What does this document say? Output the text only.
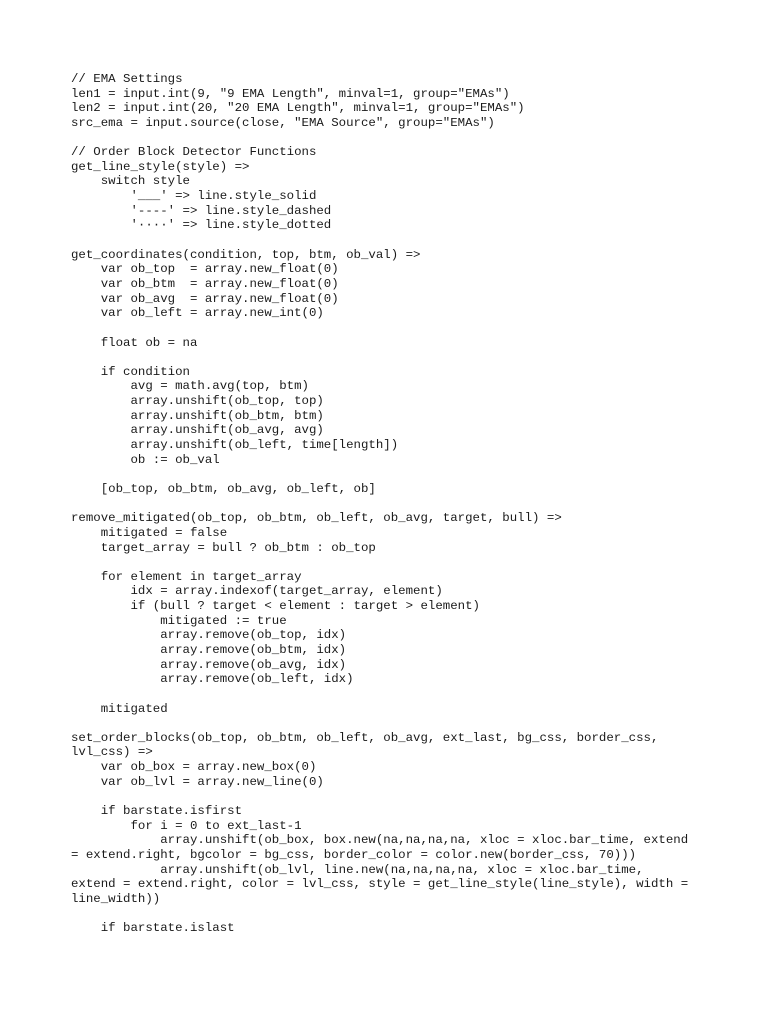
// EMA Settings
len1 = input.int(9, "9 EMA Length", minval=1, group="EMAs")
len2 = input.int(20, "20 EMA Length", minval=1, group="EMAs")
src_ema = input.source(close, "EMA Source", group="EMAs")
// Order Block Detector Functions
get_line_style(style) =>
switch style
'___' => line.style_solid
'----' => line.style_dashed
'····' => line.style_dotted
get_coordinates(condition, top, btm, ob_val) =>
var ob_top  = array.new_float(0)
var ob_btm  = array.new_float(0)
var ob_avg  = array.new_float(0)
var ob_left = array.new_int(0)
float ob = na
if condition
avg = math.avg(top, btm)
array.unshift(ob_top, top)
array.unshift(ob_btm, btm)
array.unshift(ob_avg, avg)
array.unshift(ob_left, time[length])
ob := ob_val
[ob_top, ob_btm, ob_avg, ob_left, ob]
remove_mitigated(ob_top, ob_btm, ob_left, ob_avg, target, bull) =>
mitigated = false
target_array = bull ? ob_btm : ob_top
for element in target_array
idx = array.indexof(target_array, element)
if (bull ? target < element : target > element)
mitigated := true
array.remove(ob_top, idx)
array.remove(ob_btm, idx)
array.remove(ob_avg, idx)
array.remove(ob_left, idx)
mitigated
set_order_blocks(ob_top, ob_btm, ob_left, ob_avg, ext_last, bg_css, border_css,
lvl_css) =>
var ob_box = array.new_box(0)
var ob_lvl = array.new_line(0)
if barstate.isfirst
for i = 0 to ext_last-1
array.unshift(ob_box, box.new(na,na,na,na, xloc = xloc.bar_time, extend
= extend.right, bgcolor = bg_css, border_color = color.new(border_css, 70)))
array.unshift(ob_lvl, line.new(na,na,na,na, xloc = xloc.bar_time,
extend = extend.right, color = lvl_css, style = get_line_style(line_style), width =
line_width))
if barstate.islast
